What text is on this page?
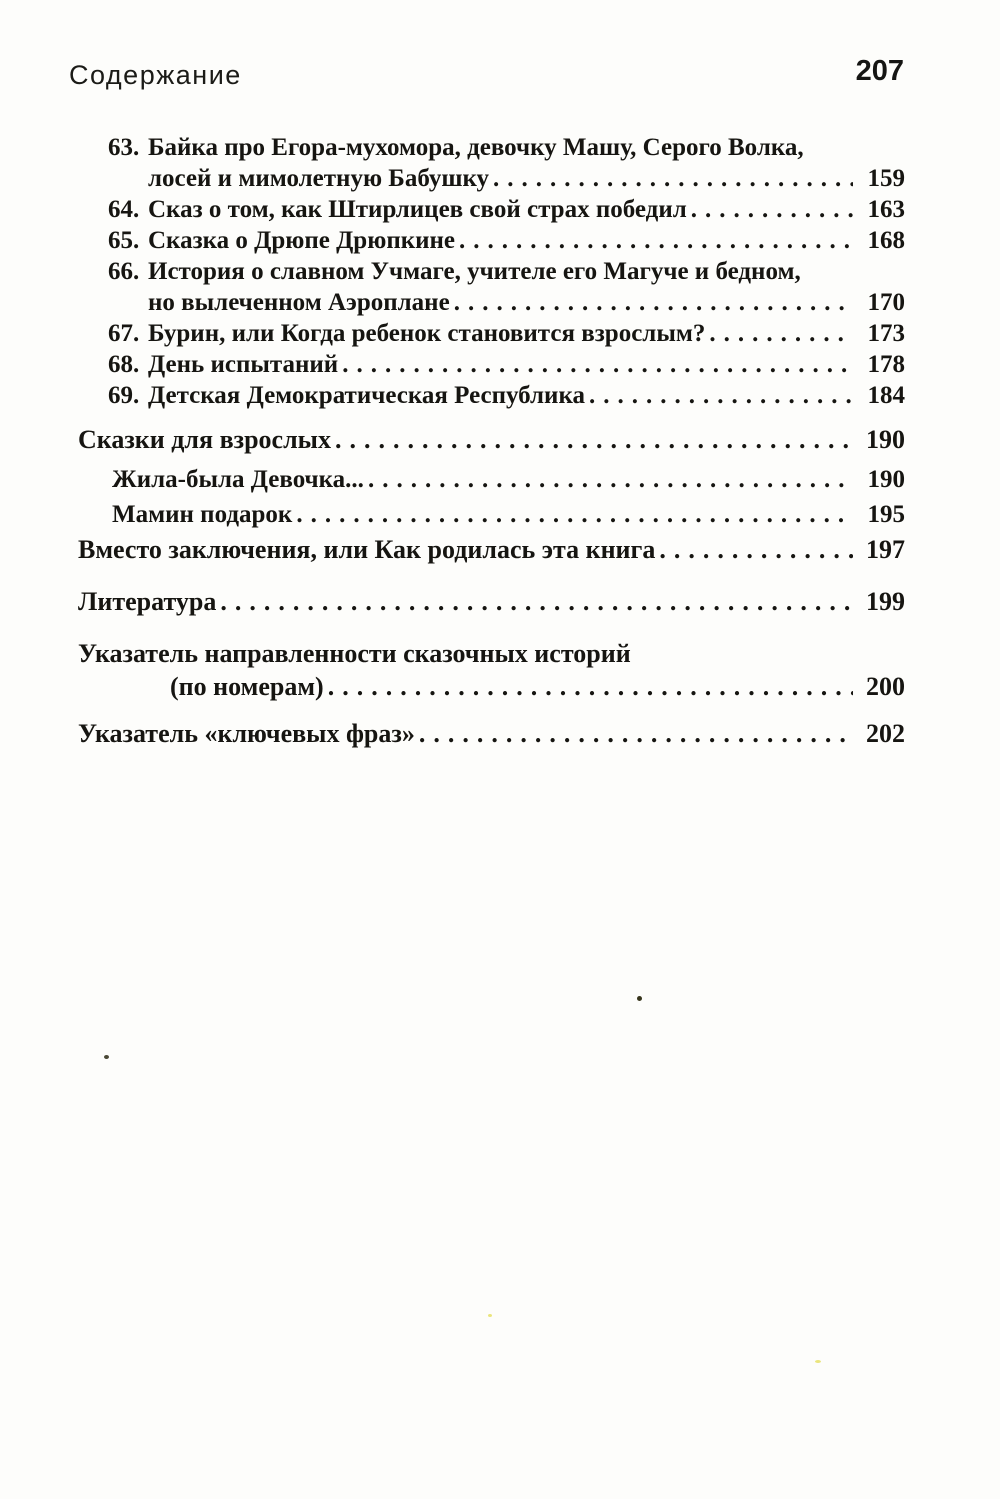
Содержание	207
63. Байка про Егора-мухомора, девочку Машу, Серого Волка,
лосей и мимолетную Бабушку .....	159
64. Сказ о том, как Штирлицев свой страх победил .....	163
65. Сказка о Дрюпе Дрюпкине .....	168
66. История о славном Учмаге, учителе его Магуче и бедном,
но вылеченном Аэроплане .....	170
67. Бурин, или Когда ребенок становится взрослым? .....	173
68. День испытаний .....	178
69. Детская Демократическая Республика .....	184
Сказки для взрослых .....	190
Жила-была Девочка... .....	190
Мамин подарок .....	195
Вместо заключения, или Как родилась эта книга .....	197
Литература .....	199
Указатель направленности сказочных историй
(по номерам) .....	200
Указатель «ключевых фраз» .....	202
